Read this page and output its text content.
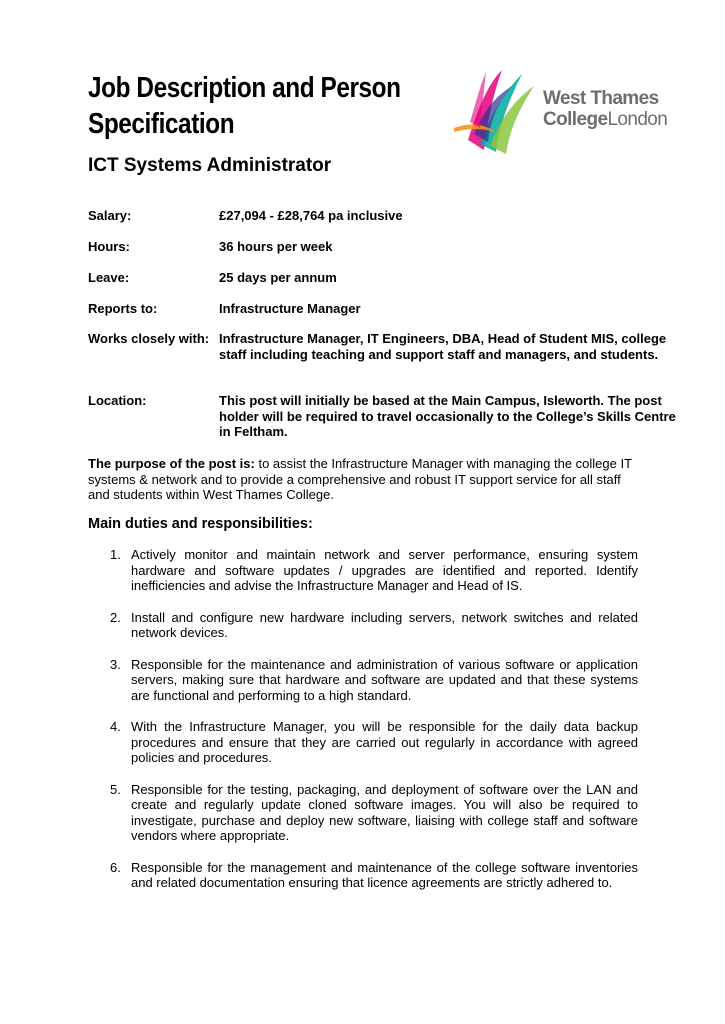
Job Description and Person
Specification
West Thames
CollegeLondon
ICT Systems Administrator
Salary:	£27,094 - £28,764 pa inclusive
Hours:	36 hours per week
Leave:	25 days per annum
Reports to:	Infrastructure Manager
Works closely with: Infrastructure Manager, IT Engineers, DBA, Head of Student MIS, college staff including teaching and support staff and managers, and students.
Location:	This post will initially be based at the Main Campus, Isleworth. The post holder will be required to travel occasionally to the College’s Skills Centre in Feltham.

The purpose of the post is: to assist the Infrastructure Manager with managing the college IT systems & network and to provide a comprehensive and robust IT support service for all staff and students within West Thames College.

Main duties and responsibilities:
1. Actively monitor and maintain network and server performance, ensuring system hardware and software updates / upgrades are identified and reported. Identify inefficiencies and advise the Infrastructure Manager and Head of IS.
2. Install and configure new hardware including servers, network switches and related network devices.
3. Responsible for the maintenance and administration of various software or application servers, making sure that hardware and software are updated and that these systems are functional and performing to a high standard.
4. With the Infrastructure Manager, you will be responsible for the daily data backup procedures and ensure that they are carried out regularly in accordance with agreed policies and procedures.
5. Responsible for the testing, packaging, and deployment of software over the LAN and create and regularly update cloned software images. You will also be required to investigate, purchase and deploy new software, liaising with college staff and software vendors where appropriate.
6. Responsible for the management and maintenance of the college software inventories and related documentation ensuring that licence agreements are strictly adhered to.
